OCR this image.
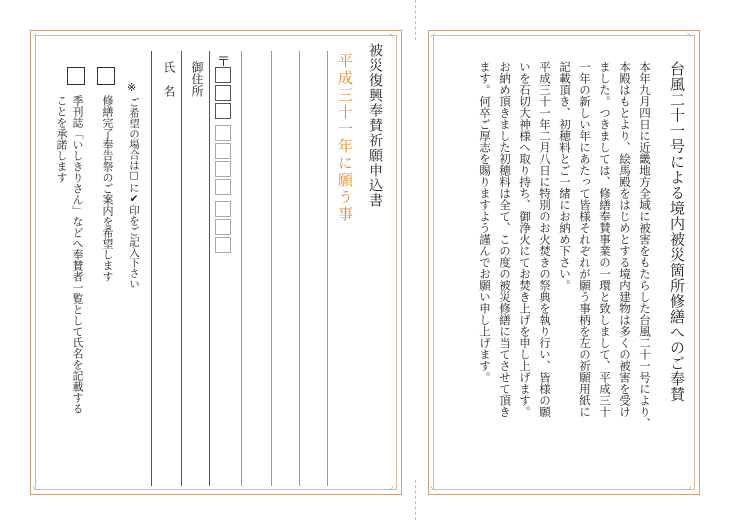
◜	◝
◟	◞
被災復興奉賛祈願申込書
平成三十一年に願う事
〒
御住所
氏　名
※
ご希望の場合は☐に✔印をご記入下さい
修繕完了奉告祭のご案内を希望します
季刊誌「いしきりさん」などへ奉賛者一覧として氏名を記載する
ことを承諾します
◜	◝
◟	◞
台風二十一号による境内被災箇所修繕へのご奉賛
本年九月四日に近畿地方全域に被害をもたらした台風二十一号により、
本殿はもとより、絵馬殿をはじめとする境内建物は多くの被害を受け
ました。つきましては、修繕奉賛事業の一環と致しまして、平成三十
一年の新しい年にあたって皆様それぞれが願う事柄を左の祈願用紙に
記載頂き、初穂料とご一緒にお納め下さい。
平成三十一年二月八日に特別のお火焚きの祭典を執り行い、皆様の願
いを石切大神様へ取り持ち、御浄火にてお焚き上げを申し上げます。
お納め頂きました初穂料は全て、この度の被災修繕に当てさせて頂き
ます。何卒ご厚志を賜りますよう謹んでお願い申し上げます。
